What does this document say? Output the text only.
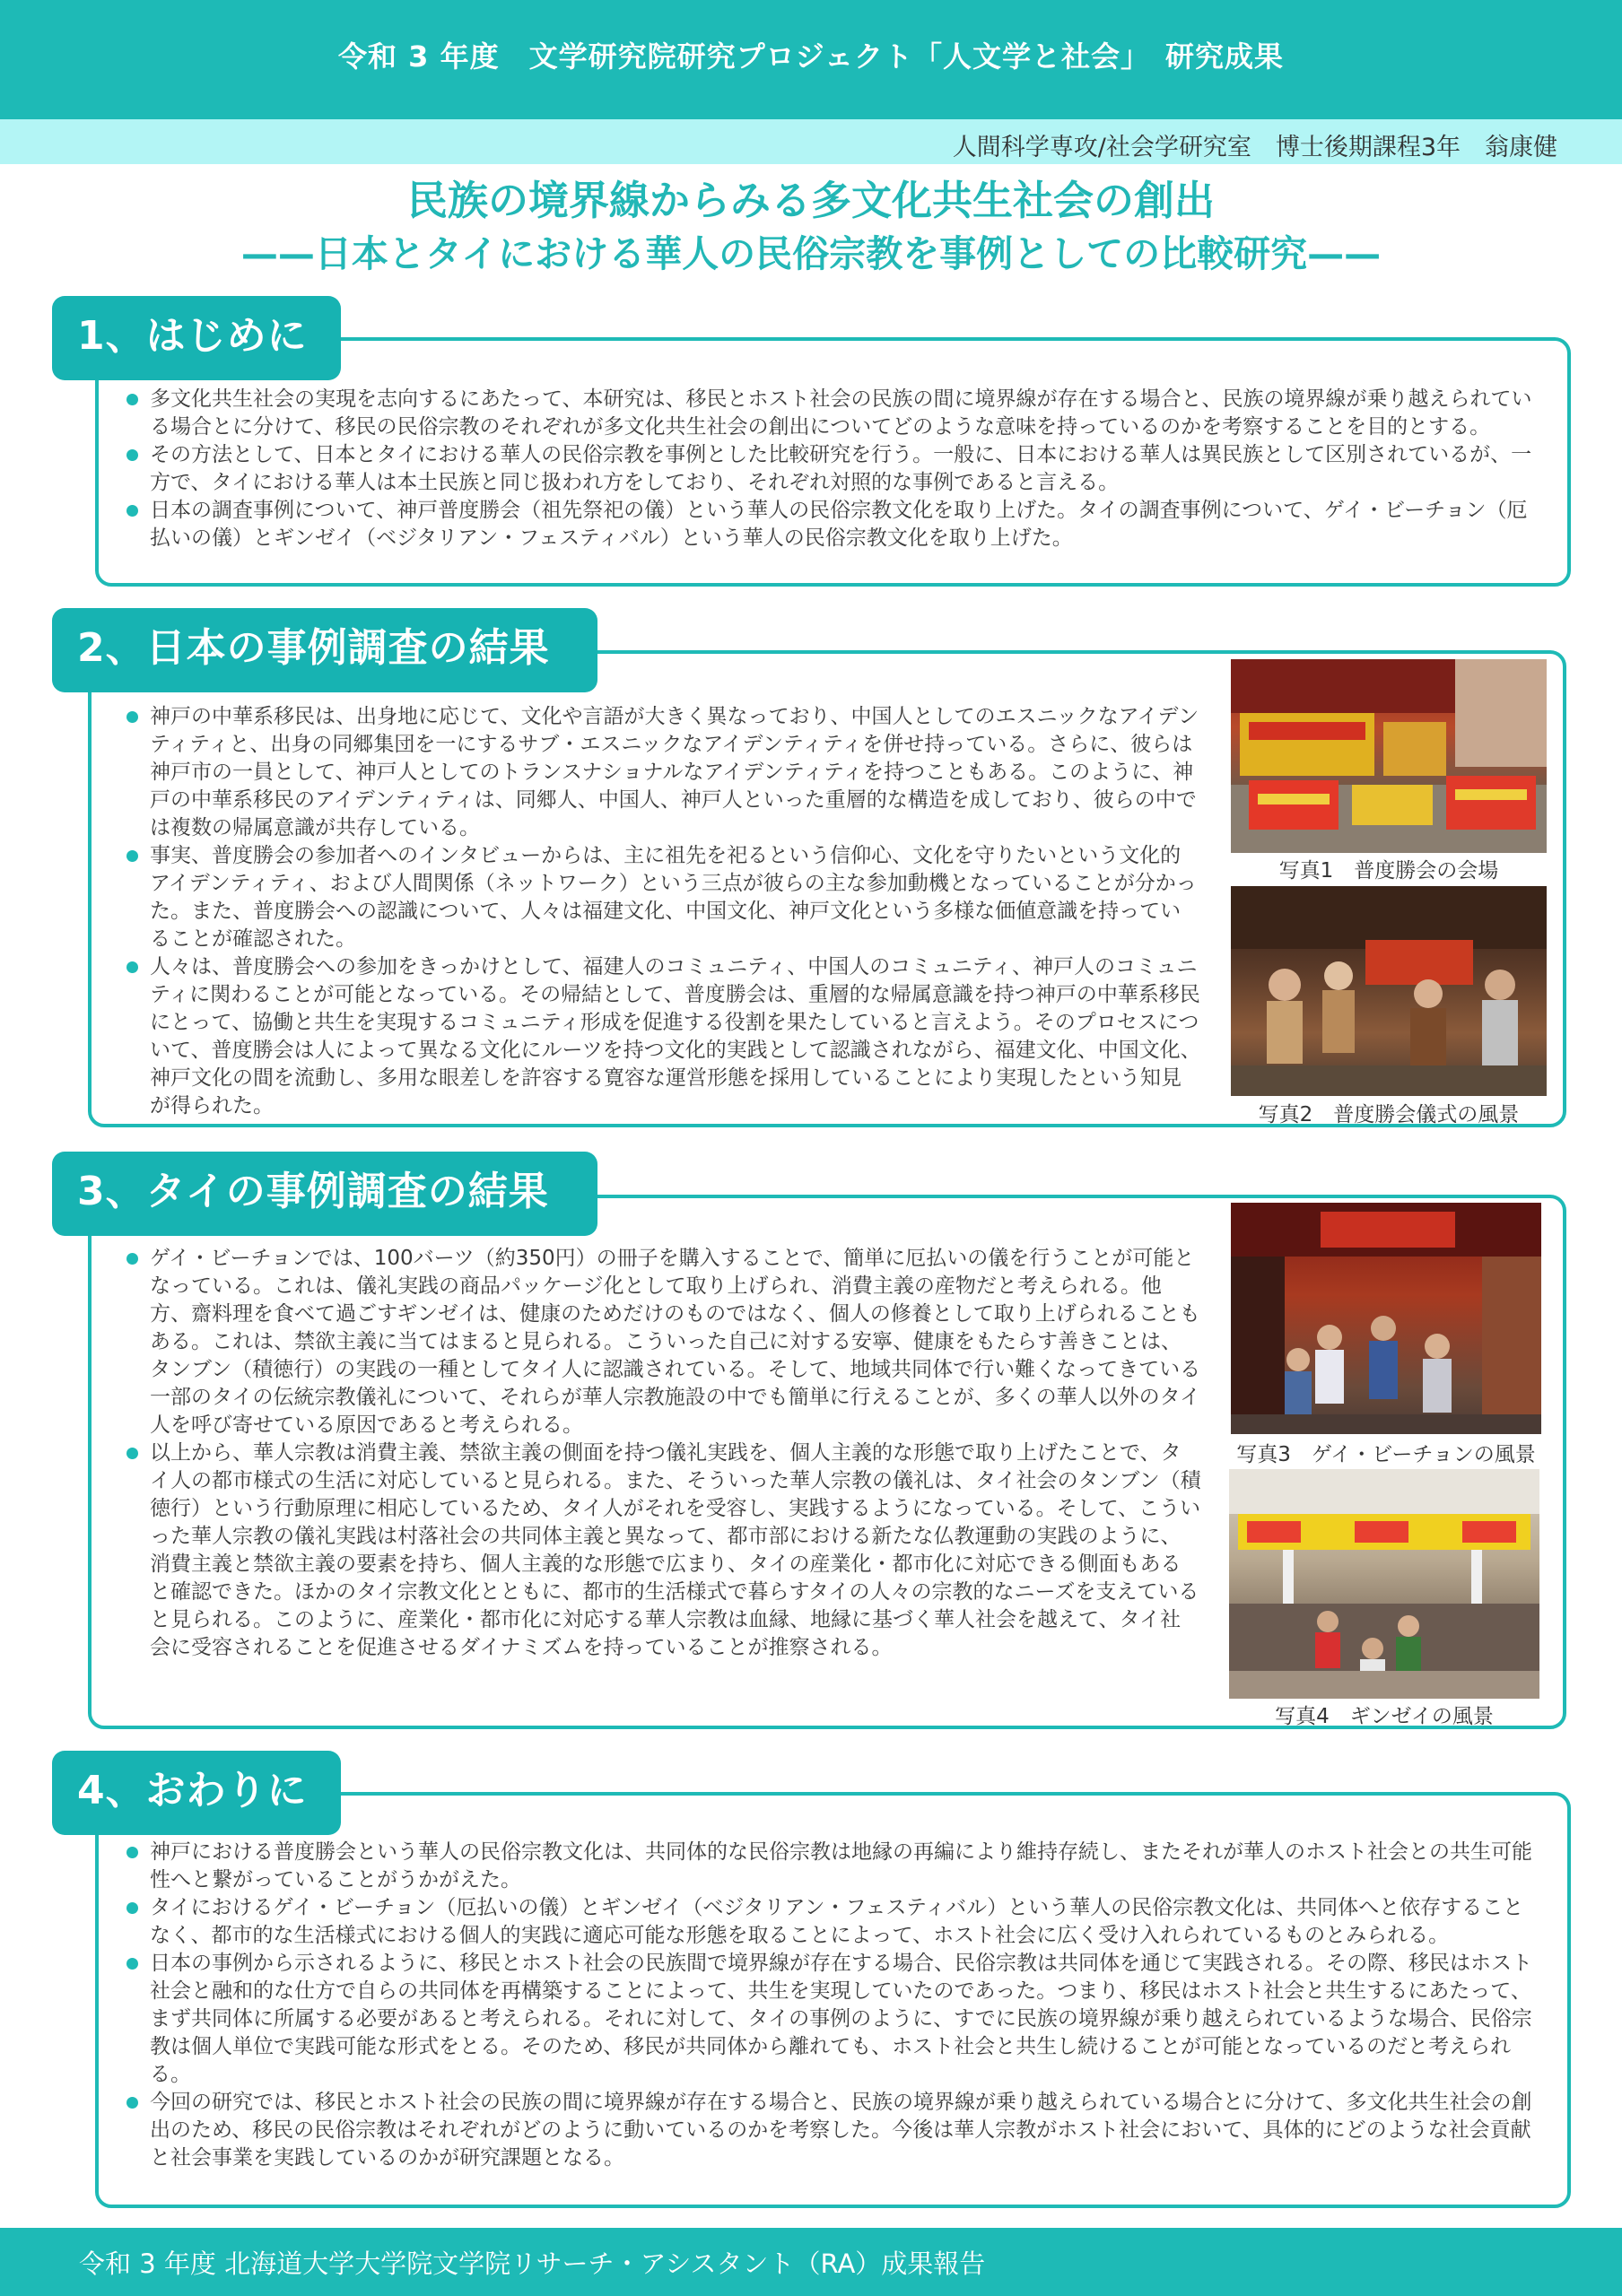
令和 3 年度　文学研究院研究プロジェクト「人文学と社会」　研究成果
人間科学専攻/社会学研究室　博士後期課程3年　翁康健
民族の境界線からみる多文化共生社会の創出
——日本とタイにおける華人の民俗宗教を事例としての比較研究——
1、はじめに
多文化共生社会の実現を志向するにあたって、本研究は、移民とホスト社会の民族の間に境界線が存在する場合と、民族の境界線が乗り越えられている場合とに分けて、移民の民俗宗教のそれぞれが多文化共生社会の創出についてどのような意味を持っているのかを考察することを目的とする。
その方法として、日本とタイにおける華人の民俗宗教を事例とした比較研究を行う。一般に、日本における華人は異民族として区別されているが、一方で、タイにおける華人は本土民族と同じ扱われ方をしており、それぞれ対照的な事例であると言える。
日本の調査事例について、神戸普度勝会（祖先祭祀の儀）という華人の民俗宗教文化を取り上げた。タイの調査事例について、ゲイ・ビーチョン（厄払いの儀）とギンゼイ（ベジタリアン・フェスティバル）という華人の民俗宗教文化を取り上げた。
2、日本の事例調査の結果
神戸の中華系移民は、出身地に応じて、文化や言語が大きく異なっており、中国人としてのエスニックなアイデンティティと、出身の同郷集団を一にするサブ・エスニックなアイデンティティを併せ持っている。さらに、彼らは神戸市の一員として、神戸人としてのトランスナショナルなアイデンティティを持つこともある。このように、神戸の中華系移民のアイデンティティは、同郷人、中国人、神戸人といった重層的な構造を成しており、彼らの中では複数の帰属意識が共存している。
事実、普度勝会の参加者へのインタビューからは、主に祖先を祀るという信仰心、文化を守りたいという文化的アイデンティティ、および人間関係（ネットワーク）という三点が彼らの主な参加動機となっていることが分かった。また、普度勝会への認識について、人々は福建文化、中国文化、神戸文化という多様な価値意識を持っていることが確認された。
人々は、普度勝会への参加をきっかけとして、福建人のコミュニティ、中国人のコミュニティ、神戸人のコミュニティに関わることが可能となっている。その帰結として、普度勝会は、重層的な帰属意識を持つ神戸の中華系移民にとって、協働と共生を実現するコミュニティ形成を促進する役割を果たしていると言えよう。そのプロセスについて、普度勝会は人によって異なる文化にルーツを持つ文化的実践として認識されながら、福建文化、中国文化、神戸文化の間を流動し、多用な眼差しを許容する寛容な運営形態を採用していることにより実現したという知見が得られた。
写真1　普度勝会の会場
写真2　普度勝会儀式の風景
3、タイの事例調査の結果
ゲイ・ビーチョンでは、100バーツ（約350円）の冊子を購入することで、簡単に厄払いの儀を行うことが可能となっている。これは、儀礼実践の商品パッケージ化として取り上げられ、消費主義の産物だと考えられる。他方、齋料理を食べて過ごすギンゼイは、健康のためだけのものではなく、個人の修養として取り上げられることもある。これは、禁欲主義に当てはまると見られる。こういった自己に対する安寧、健康をもたらす善きことは、タンブン（積徳行）の実践の一種としてタイ人に認識されている。そして、地域共同体で行い難くなってきている一部のタイの伝統宗教儀礼について、それらが華人宗教施設の中でも簡単に行えることが、多くの華人以外のタイ人を呼び寄せている原因であると考えられる。
以上から、華人宗教は消費主義、禁欲主義の側面を持つ儀礼実践を、個人主義的な形態で取り上げたことで、タイ人の都市様式の生活に対応していると見られる。また、そういった華人宗教の儀礼は、タイ社会のタンブン（積徳行）という行動原理に相応しているため、タイ人がそれを受容し、実践するようになっている。そして、こういった華人宗教の儀礼実践は村落社会の共同体主義と異なって、都市部における新たな仏教運動の実践のように、消費主義と禁欲主義の要素を持ち、個人主義的な形態で広まり、タイの産業化・都市化に対応できる側面もあると確認できた。ほかのタイ宗教文化とともに、都市的生活様式で暮らすタイの人々の宗教的なニーズを支えていると見られる。このように、産業化・都市化に対応する華人宗教は血縁、地縁に基づく華人社会を越えて、タイ社会に受容されることを促進させるダイナミズムを持っていることが推察される。
写真3　ゲイ・ビーチョンの風景
写真4　ギンゼイの風景
4、おわりに
神戸における普度勝会という華人の民俗宗教文化は、共同体的な民俗宗教は地縁の再編により維持存続し、またそれが華人のホスト社会との共生可能性へと繋がっていることがうかがえた。
タイにおけるゲイ・ビーチョン（厄払いの儀）とギンゼイ（ベジタリアン・フェスティバル）という華人の民俗宗教文化は、共同体へと依存することなく、都市的な生活様式における個人的実践に適応可能な形態を取ることによって、ホスト社会に広く受け入れられているものとみられる。
日本の事例から示されるように、移民とホスト社会の民族間で境界線が存在する場合、民俗宗教は共同体を通じて実践される。その際、移民はホスト社会と融和的な仕方で自らの共同体を再構築することによって、共生を実現していたのであった。つまり、移民はホスト社会と共生するにあたって、まず共同体に所属する必要があると考えられる。それに対して、タイの事例のように、すでに民族の境界線が乗り越えられているような場合、民俗宗教は個人単位で実践可能な形式をとる。そのため、移民が共同体から離れても、ホスト社会と共生し続けることが可能となっているのだと考えられる。
今回の研究では、移民とホスト社会の民族の間に境界線が存在する場合と、民族の境界線が乗り越えられている場合とに分けて、多文化共生社会の創出のため、移民の民俗宗教はそれぞれがどのように動いているのかを考察した。今後は華人宗教がホスト社会において、具体的にどのような社会貢献と社会事業を実践しているのかが研究課題となる。
令和 3 年度 北海道大学大学院文学院リサーチ・アシスタント（RA）成果報告
